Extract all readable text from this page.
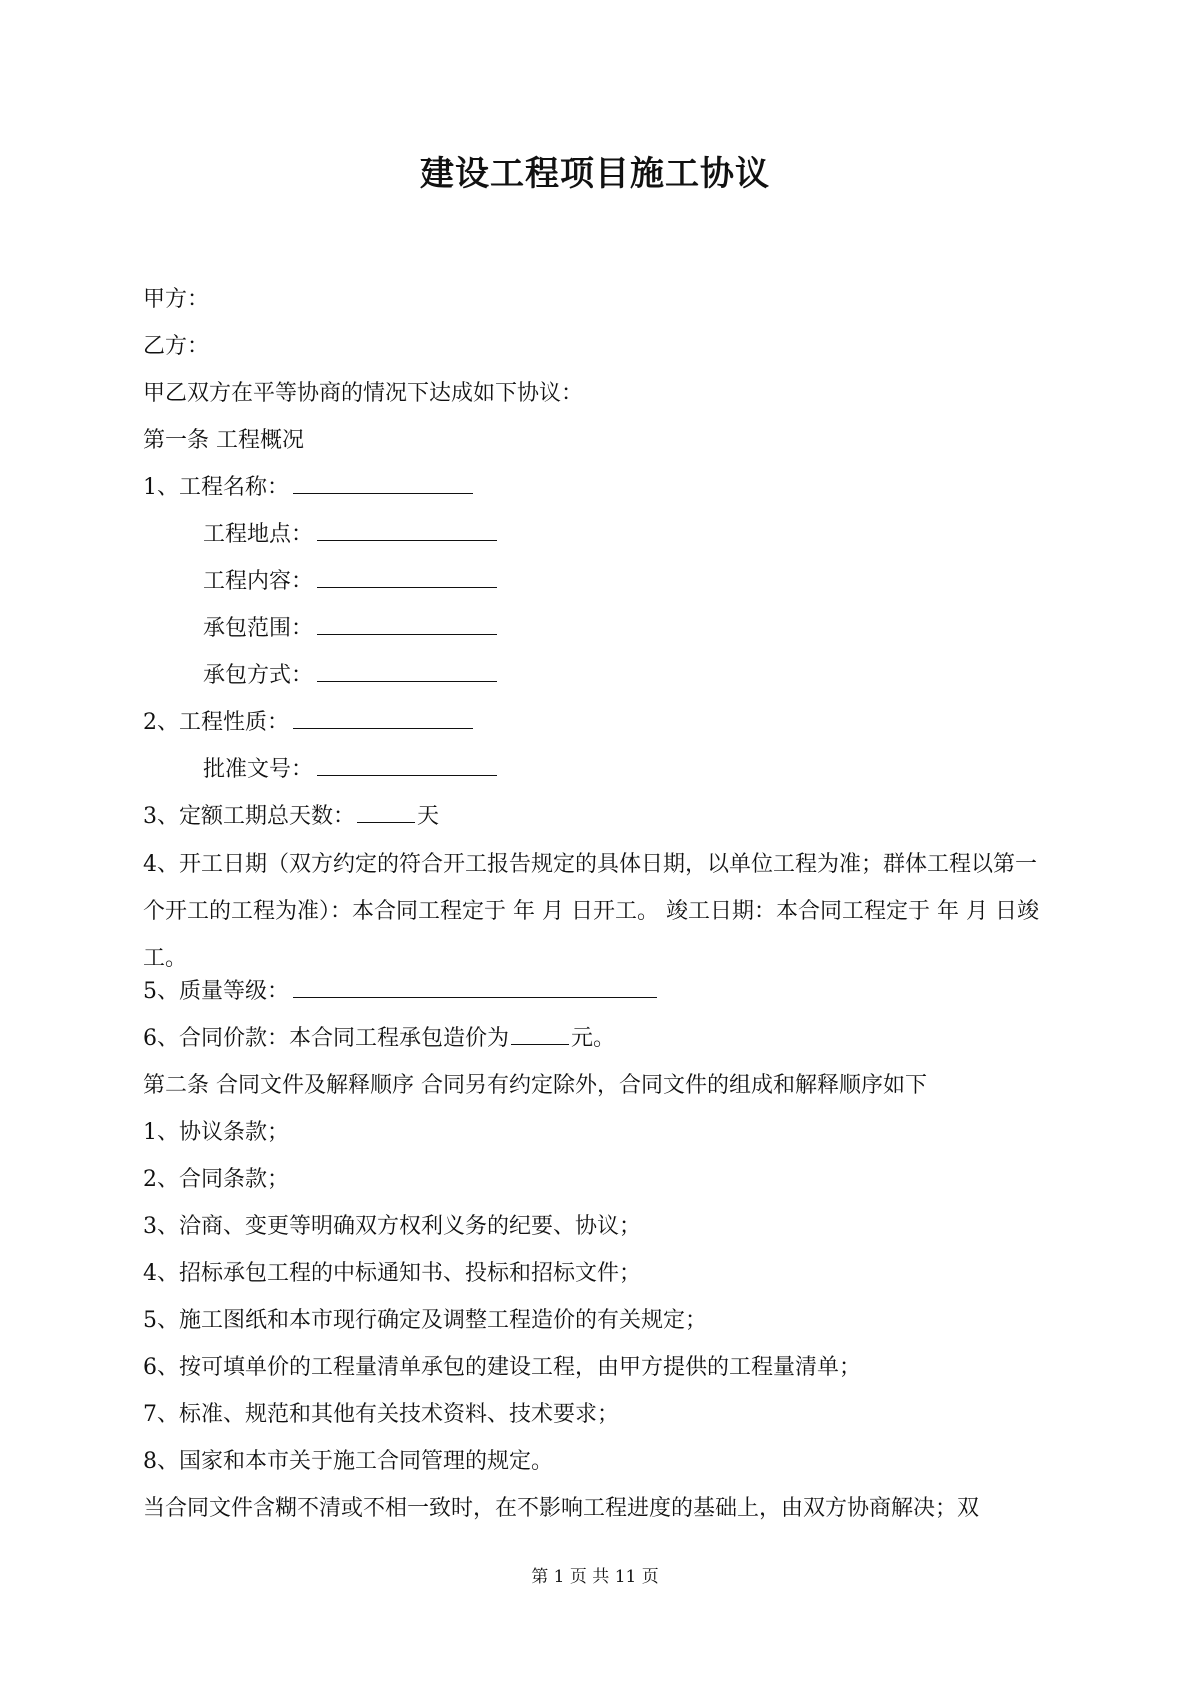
建设工程项目施工协议
甲方：
乙方：
甲乙双方在平等协商的情况下达成如下协议：
第一条 工程概况
1、工程名称：
工程地点：
工程内容：
承包范围：
承包方式：
2、工程性质：
批准文号：
3、定额工期总天数：	天
4、开工日期（双方约定的符合开工报告规定的具体日期，以单位工程为准；群体工程以第一个开工的工程为准）：本合同工程定于 年 月 日开工。 竣工日期：本合同工程定于 年 月 日竣工。
5、质量等级：
6、合同价款：本合同工程承包造价为	元。
第二条 合同文件及解释顺序 合同另有约定除外，合同文件的组成和解释顺序如下
1、协议条款；
2、合同条款；
3、洽商、变更等明确双方权利义务的纪要、协议；
4、招标承包工程的中标通知书、投标和招标文件；
5、施工图纸和本市现行确定及调整工程造价的有关规定；
6、按可填单价的工程量清单承包的建设工程，由甲方提供的工程量清单；
7、标准、规范和其他有关技术资料、技术要求；
8、国家和本市关于施工合同管理的规定。
当合同文件含糊不清或不相一致时，在不影响工程进度的基础上，由双方协商解决；双
第 1 页 共 11 页
